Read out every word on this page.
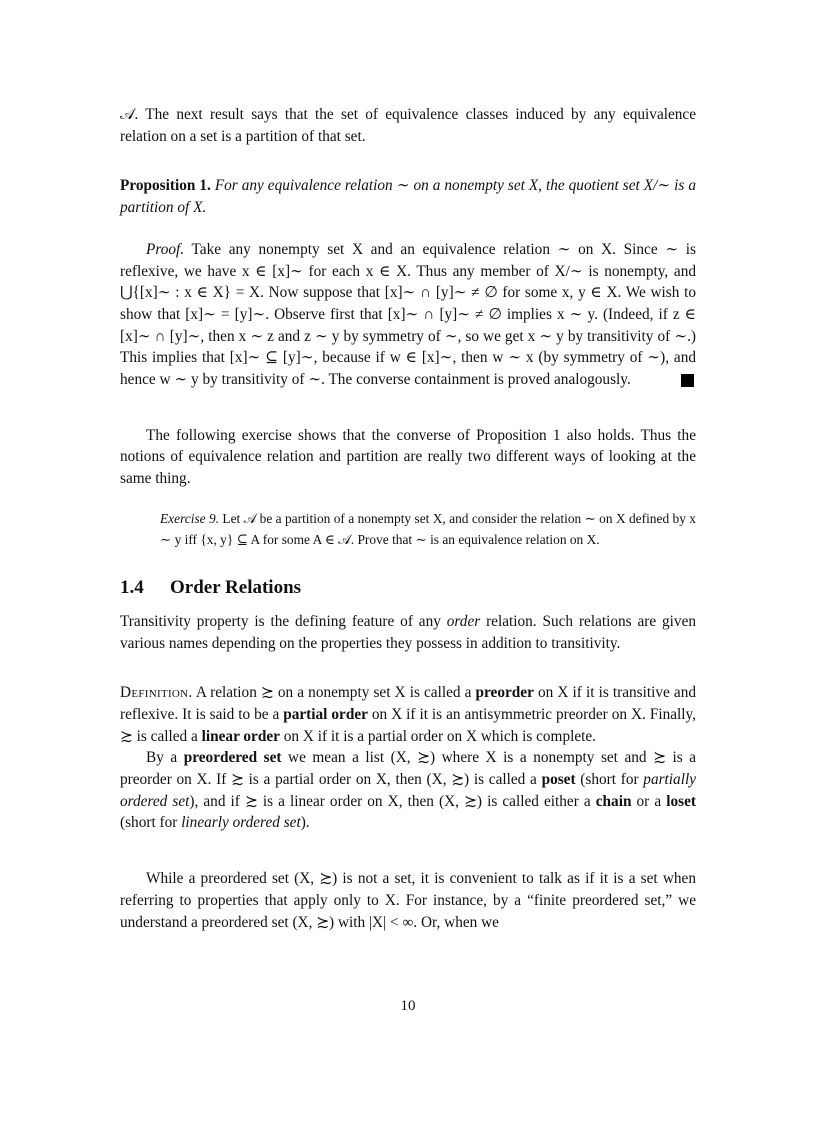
𝒜. The next result says that the set of equivalence classes induced by any equivalence relation on a set is a partition of that set.

Proposition 1. For any equivalence relation ∼ on a nonempty set X, the quotient set X/∼ is a partition of X.

Proof. Take any nonempty set X and an equivalence relation ∼ on X. Since ∼ is reflexive, we have x ∈ [x]∼ for each x ∈ X. Thus any member of X/∼ is nonempty, and ⋃{[x]∼ : x ∈ X} = X. Now suppose that [x]∼ ∩ [y]∼ ≠ ∅ for some x, y ∈ X. We wish to show that [x]∼ = [y]∼. Observe first that [x]∼ ∩ [y]∼ ≠ ∅ implies x ∼ y. (Indeed, if z ∈ [x]∼ ∩ [y]∼, then x ∼ z and z ∼ y by symmetry of ∼, so we get x ∼ y by transitivity of ∼.) This implies that [x]∼ ⊆ [y]∼, because if w ∈ [x]∼, then w ∼ x (by symmetry of ∼), and hence w ∼ y by transitivity of ∼. The converse containment is proved analogously.

The following exercise shows that the converse of Proposition 1 also holds. Thus the notions of equivalence relation and partition are really two different ways of looking at the same thing.

Exercise 9. Let 𝒜 be a partition of a nonempty set X, and consider the relation ∼ on X defined by x ∼ y iff {x, y} ⊆ A for some A ∈ 𝒜. Prove that ∼ is an equivalence relation on X.

1.4 Order Relations

Transitivity property is the defining feature of any order relation. Such relations are given various names depending on the properties they possess in addition to transitivity.

Definition. A relation ≿ on a nonempty set X is called a preorder on X if it is transitive and reflexive. It is said to be a partial order on X if it is an antisymmetric preorder on X. Finally, ≿ is called a linear order on X if it is a partial order on X which is complete.

By a preordered set we mean a list (X, ≿) where X is a nonempty set and ≿ is a preorder on X. If ≿ is a partial order on X, then (X, ≿) is called a poset (short for partially ordered set), and if ≿ is a linear order on X, then (X, ≿) is called either a chain or a loset (short for linearly ordered set).

While a preordered set (X, ≿) is not a set, it is convenient to talk as if it is a set when referring to properties that apply only to X. For instance, by a “finite preordered set,” we understand a preordered set (X, ≿) with |X| < ∞. Or, when we

10
